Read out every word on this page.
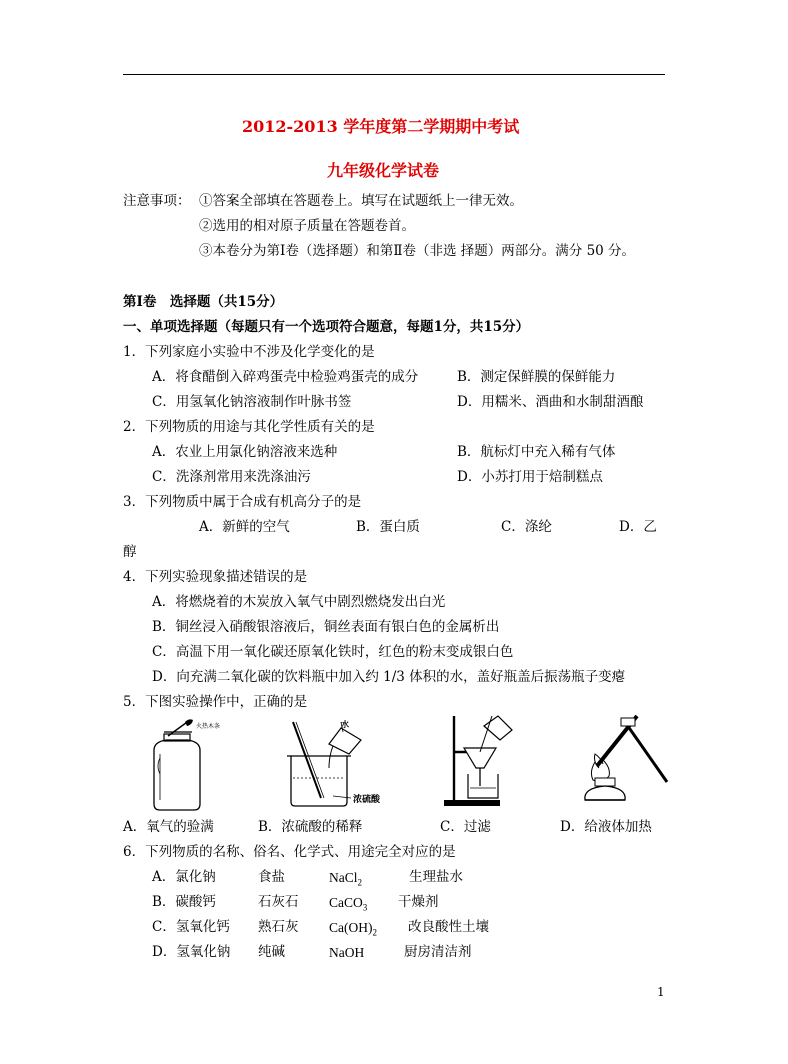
2012-2013 学年度第二学期期中考试
九年级化学试卷
注意事项： ①答案全部填在答题卷上。填写在试题纸上一律无效。
②选用的相对原子质量在答题卷首。
③本卷分为第Ⅰ卷（选择题）和第Ⅱ卷（非选 择题）两部分。满分 50 分。
第Ⅰ卷　选择题（共15分）
一、单项选择题（每题只有一个选项符合题意，每题1分，共15分）
1．下列家庭小实验中不涉及化学变化的是
A．将食醋倒入碎鸡蛋壳中检验鸡蛋壳的成分	B．测定保鲜膜的保鲜能力
C．用氢氧化钠溶液制作叶脉书签	D．用糯米、酒曲和水制甜酒酿
2．下列物质的用途与其化学性质有关的是
A．农业上用氯化钠溶液来选种	B．航标灯中充入稀有气体
C．洗涤剂常用来洗涤油污	D．小苏打用于焙制糕点
3．下列物质中属于合成有机高分子的是
A．新鲜的空气	B．蛋白质	C．涤纶	D．乙
醇
4．下列实验现象描述错误的是
A．将燃烧着的木炭放入氧气中剧烈燃烧发出白光
B．铜丝浸入硝酸银溶液后，铜丝表面有银白色的金属析出
C．高温下用一氧化碳还原氧化铁时，红色的粉末变成银白色
D．向充满二氧化碳的饮料瓶中加入约 1/3 体积的水，盖好瓶盖后振荡瓶子变瘪
5．下图实验操作中，正确的是
火热木条	水
浓硫酸
A．氧气的验满	B．浓硫酸的稀释	C．过滤	D．给液体加热
6．下列物质的名称、俗名、化学式、用途完全对应的是
A．氯化钠	食盐	NaCl$_2$	生理盐水
B．碳酸钙	石灰石 CaCO$_3$ 干燥剂
C．氢氧化钙 熟石灰 $Ca(OH)_2$ 改良酸性土壤
D．氢氧化钠 纯碱	NaOH	厨房清洁剂
1
